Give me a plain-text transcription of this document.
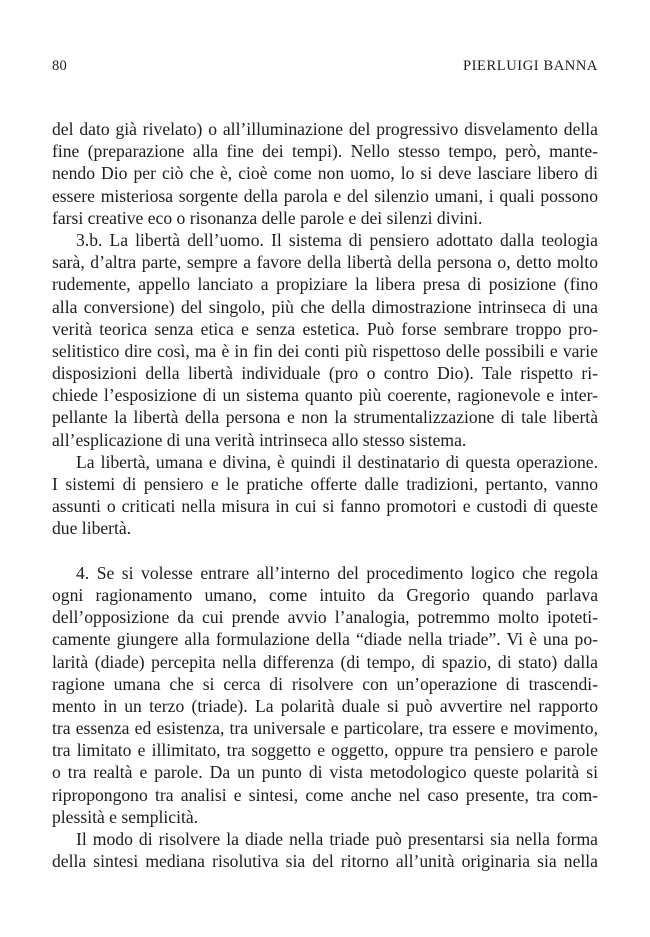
80	PIERLUIGI BANNA
del dato già rivelato) o all’illuminazione del progressivo disvelamento della
fine (preparazione alla fine dei tempi). Nello stesso tempo, però, mante-
nendo Dio per ciò che è, cioè come non uomo, lo si deve lasciare libero di
essere misteriosa sorgente della parola e del silenzio umani, i quali possono
farsi creative eco o risonanza delle parole e dei silenzi divini.
3.b. La libertà dell’uomo. Il sistema di pensiero adottato dalla teologia
sarà, d’altra parte, sempre a favore della libertà della persona o, detto molto
rudemente, appello lanciato a propiziare la libera presa di posizione (fino
alla conversione) del singolo, più che della dimostrazione intrinseca di una
verità teorica senza etica e senza estetica. Può forse sembrare troppo pro-
selitistico dire così, ma è in fin dei conti più rispettoso delle possibili e varie
disposizioni della libertà individuale (pro o contro Dio). Tale rispetto ri-
chiede l’esposizione di un sistema quanto più coerente, ragionevole e inter-
pellante la libertà della persona e non la strumentalizzazione di tale libertà
all’esplicazione di una verità intrinseca allo stesso sistema.
La libertà, umana e divina, è quindi il destinatario di questa operazione.
I sistemi di pensiero e le pratiche offerte dalle tradizioni, pertanto, vanno
assunti o criticati nella misura in cui si fanno promotori e custodi di queste
due libertà.
4. Se si volesse entrare all’interno del procedimento logico che regola
ogni ragionamento umano, come intuito da Gregorio quando parlava
dell’opposizione da cui prende avvio l’analogia, potremmo molto ipoteti-
camente giungere alla formulazione della “diade nella triade”. Vi è una po-
larità (diade) percepita nella differenza (di tempo, di spazio, di stato) dalla
ragione umana che si cerca di risolvere con un’operazione di trascendi-
mento in un terzo (triade). La polarità duale si può avvertire nel rapporto
tra essenza ed esistenza, tra universale e particolare, tra essere e movimento,
tra limitato e illimitato, tra soggetto e oggetto, oppure tra pensiero e parole
o tra realtà e parole. Da un punto di vista metodologico queste polarità si
ripropongono tra analisi e sintesi, come anche nel caso presente, tra com-
plessità e semplicità.
Il modo di risolvere la diade nella triade può presentarsi sia nella forma
della sintesi mediana risolutiva sia del ritorno all’unità originaria sia nella
